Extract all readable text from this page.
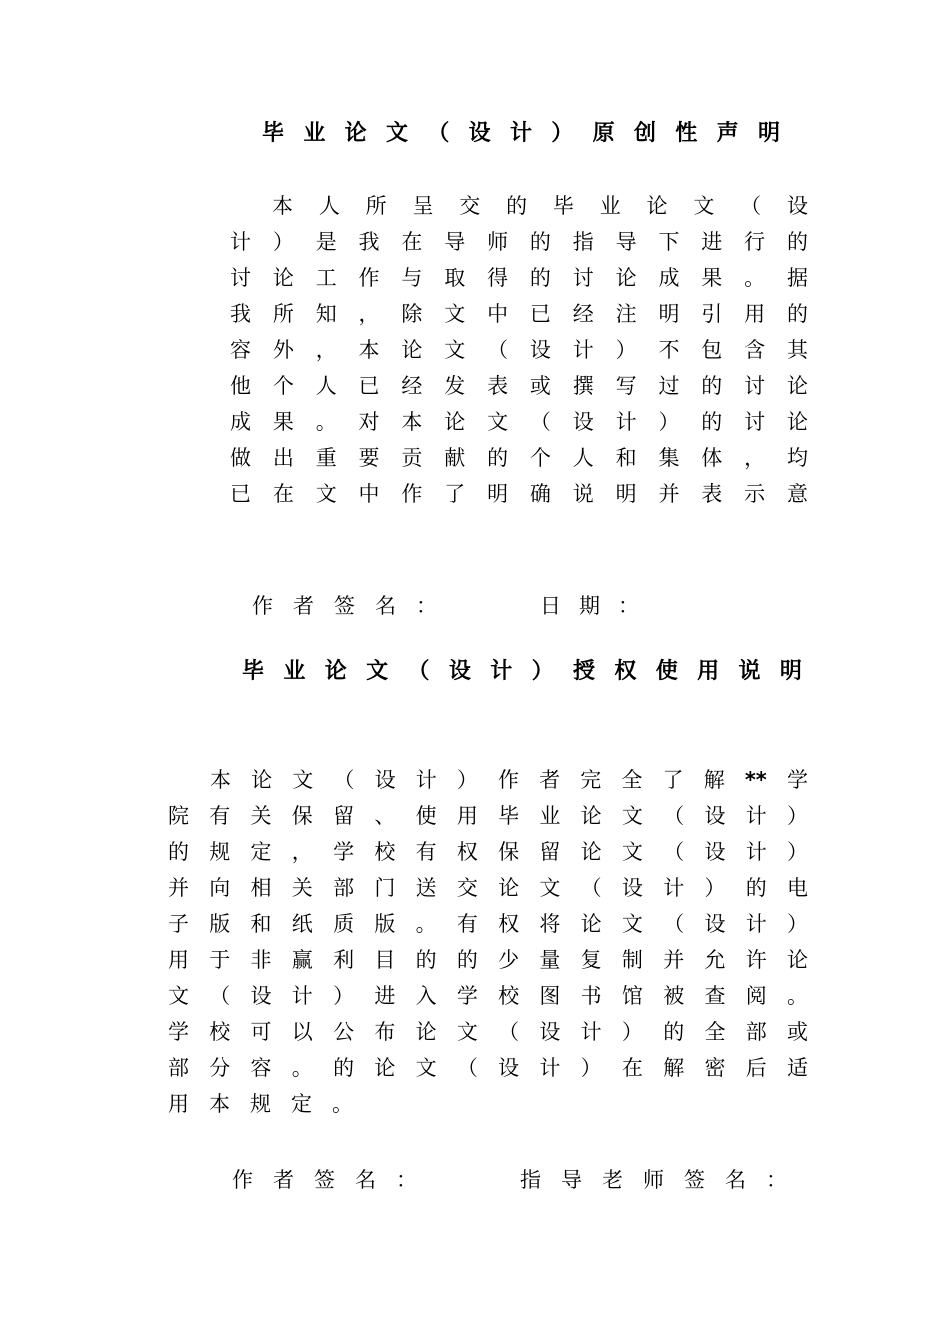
毕 业 论 文 （ 设 计 ） 原 创 性 声 明
本 人 所 呈 交 的 毕 业 论 文 （ 设
计 ） 是 我 在 导 师 的 指 导 下 进 行 的
讨 论 工 作 与 取 得 的 讨 论 成 果 。 据
我 所 知 ， 除 文 中 已 经 注 明 引 用 的
容 外 ， 本 论 文 （ 设 计 ） 不 包 含 其
他 个 人 已 经 发 表 或 撰 写 过 的 讨 论
成 果 。 对 本 论 文 （ 设 计 ） 的 讨 论
做 出 重 要 贡 献 的 个 人 和 集 体 ， 均
已 在 文 中 作 了 明 确 说 明 并 表 示 意
作 者 签 名 ：	日 期 ：
毕 业 论 文 （ 设 计 ） 授 权 使 用 说 明
本 论 文 （ 设 计 ） 作 者 完 全 了 解 ** 学
院 有 关 保 留 、 使 用 毕 业 论 文 （ 设 计 ）
的 规 定 ， 学 校 有 权 保 留 论 文 （ 设 计 ）
并 向 相 关 部 门 送 交 论 文 （ 设 计 ） 的 电
子 版 和 纸 质 版 。 有 权 将 论 文 （ 设 计 ）
用 于 非 赢 利 目 的 的 少 量 复 制 并 允 许 论
文 （ 设 计 ） 进 入 学 校 图 书 馆 被 查 阅 。
学 校 可 以 公 布 论 文 （ 设 计 ） 的 全 部 或
部 分 容 。 的 论 文 （ 设 计 ） 在 解 密 后 适
用 本 规 定 。
作 者 签 名 ：	指 导 老 师 签 名 ：
